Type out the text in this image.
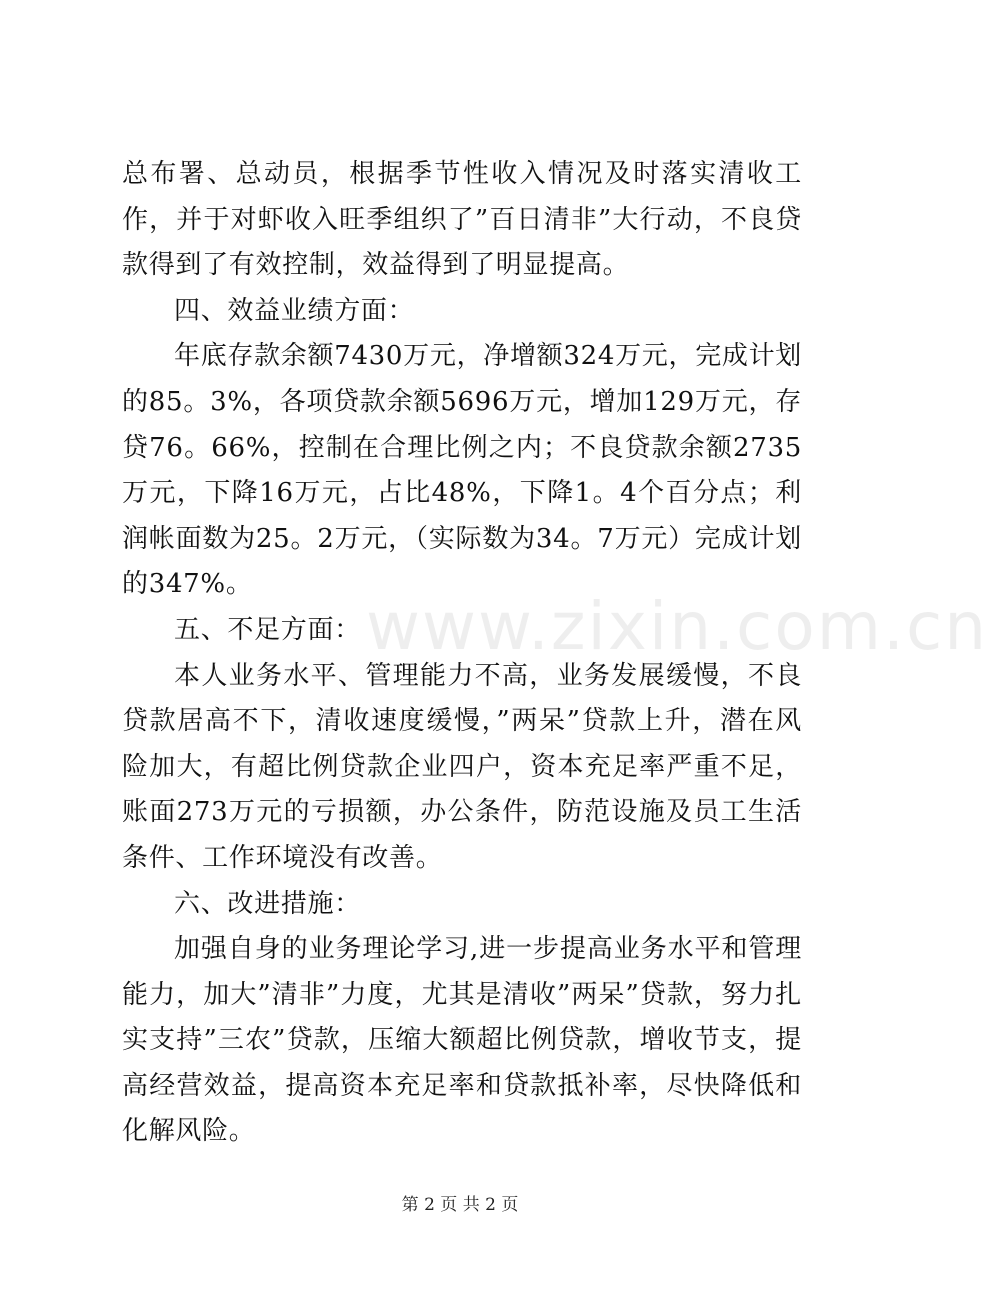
www.zixin.com.cn

总布署、总动员，根据季节性收入情况及时落实清收工作，并于对虾收入旺季组织了”百日清非”大行动，不良贷款得到了有效控制，效益得到了明显提高。

四、效益业绩方面：

年底存款余额7430万元，净增额324万元，完成计划的85。3%，各项贷款余额5696万元，增加129万元，存贷76。66%，控制在合理比例之内；不良贷款余额2735万元，下降16万元，占比48%，下降1。4个百分点；利润帐面数为25。2万元，（实际数为34。7万元）完成计划的347%。

五、不足方面：

本人业务水平、管理能力不高，业务发展缓慢，不良贷款居高不下，清收速度缓慢，”两呆”贷款上升，潜在风险加大，有超比例贷款企业四户，资本充足率严重不足，账面273万元的亏损额，办公条件，防范设施及员工生活条件、工作环境没有改善。

六、改进措施：

加强自身的业务理论学习,进一步提高业务水平和管理能力，加大”清非”力度，尤其是清收”两呆”贷款，努力扎实支持”三农”贷款，压缩大额超比例贷款，增收节支，提高经营效益，提高资本充足率和贷款抵补率，尽快降低和化解风险。

第 2 页 共 2 页
